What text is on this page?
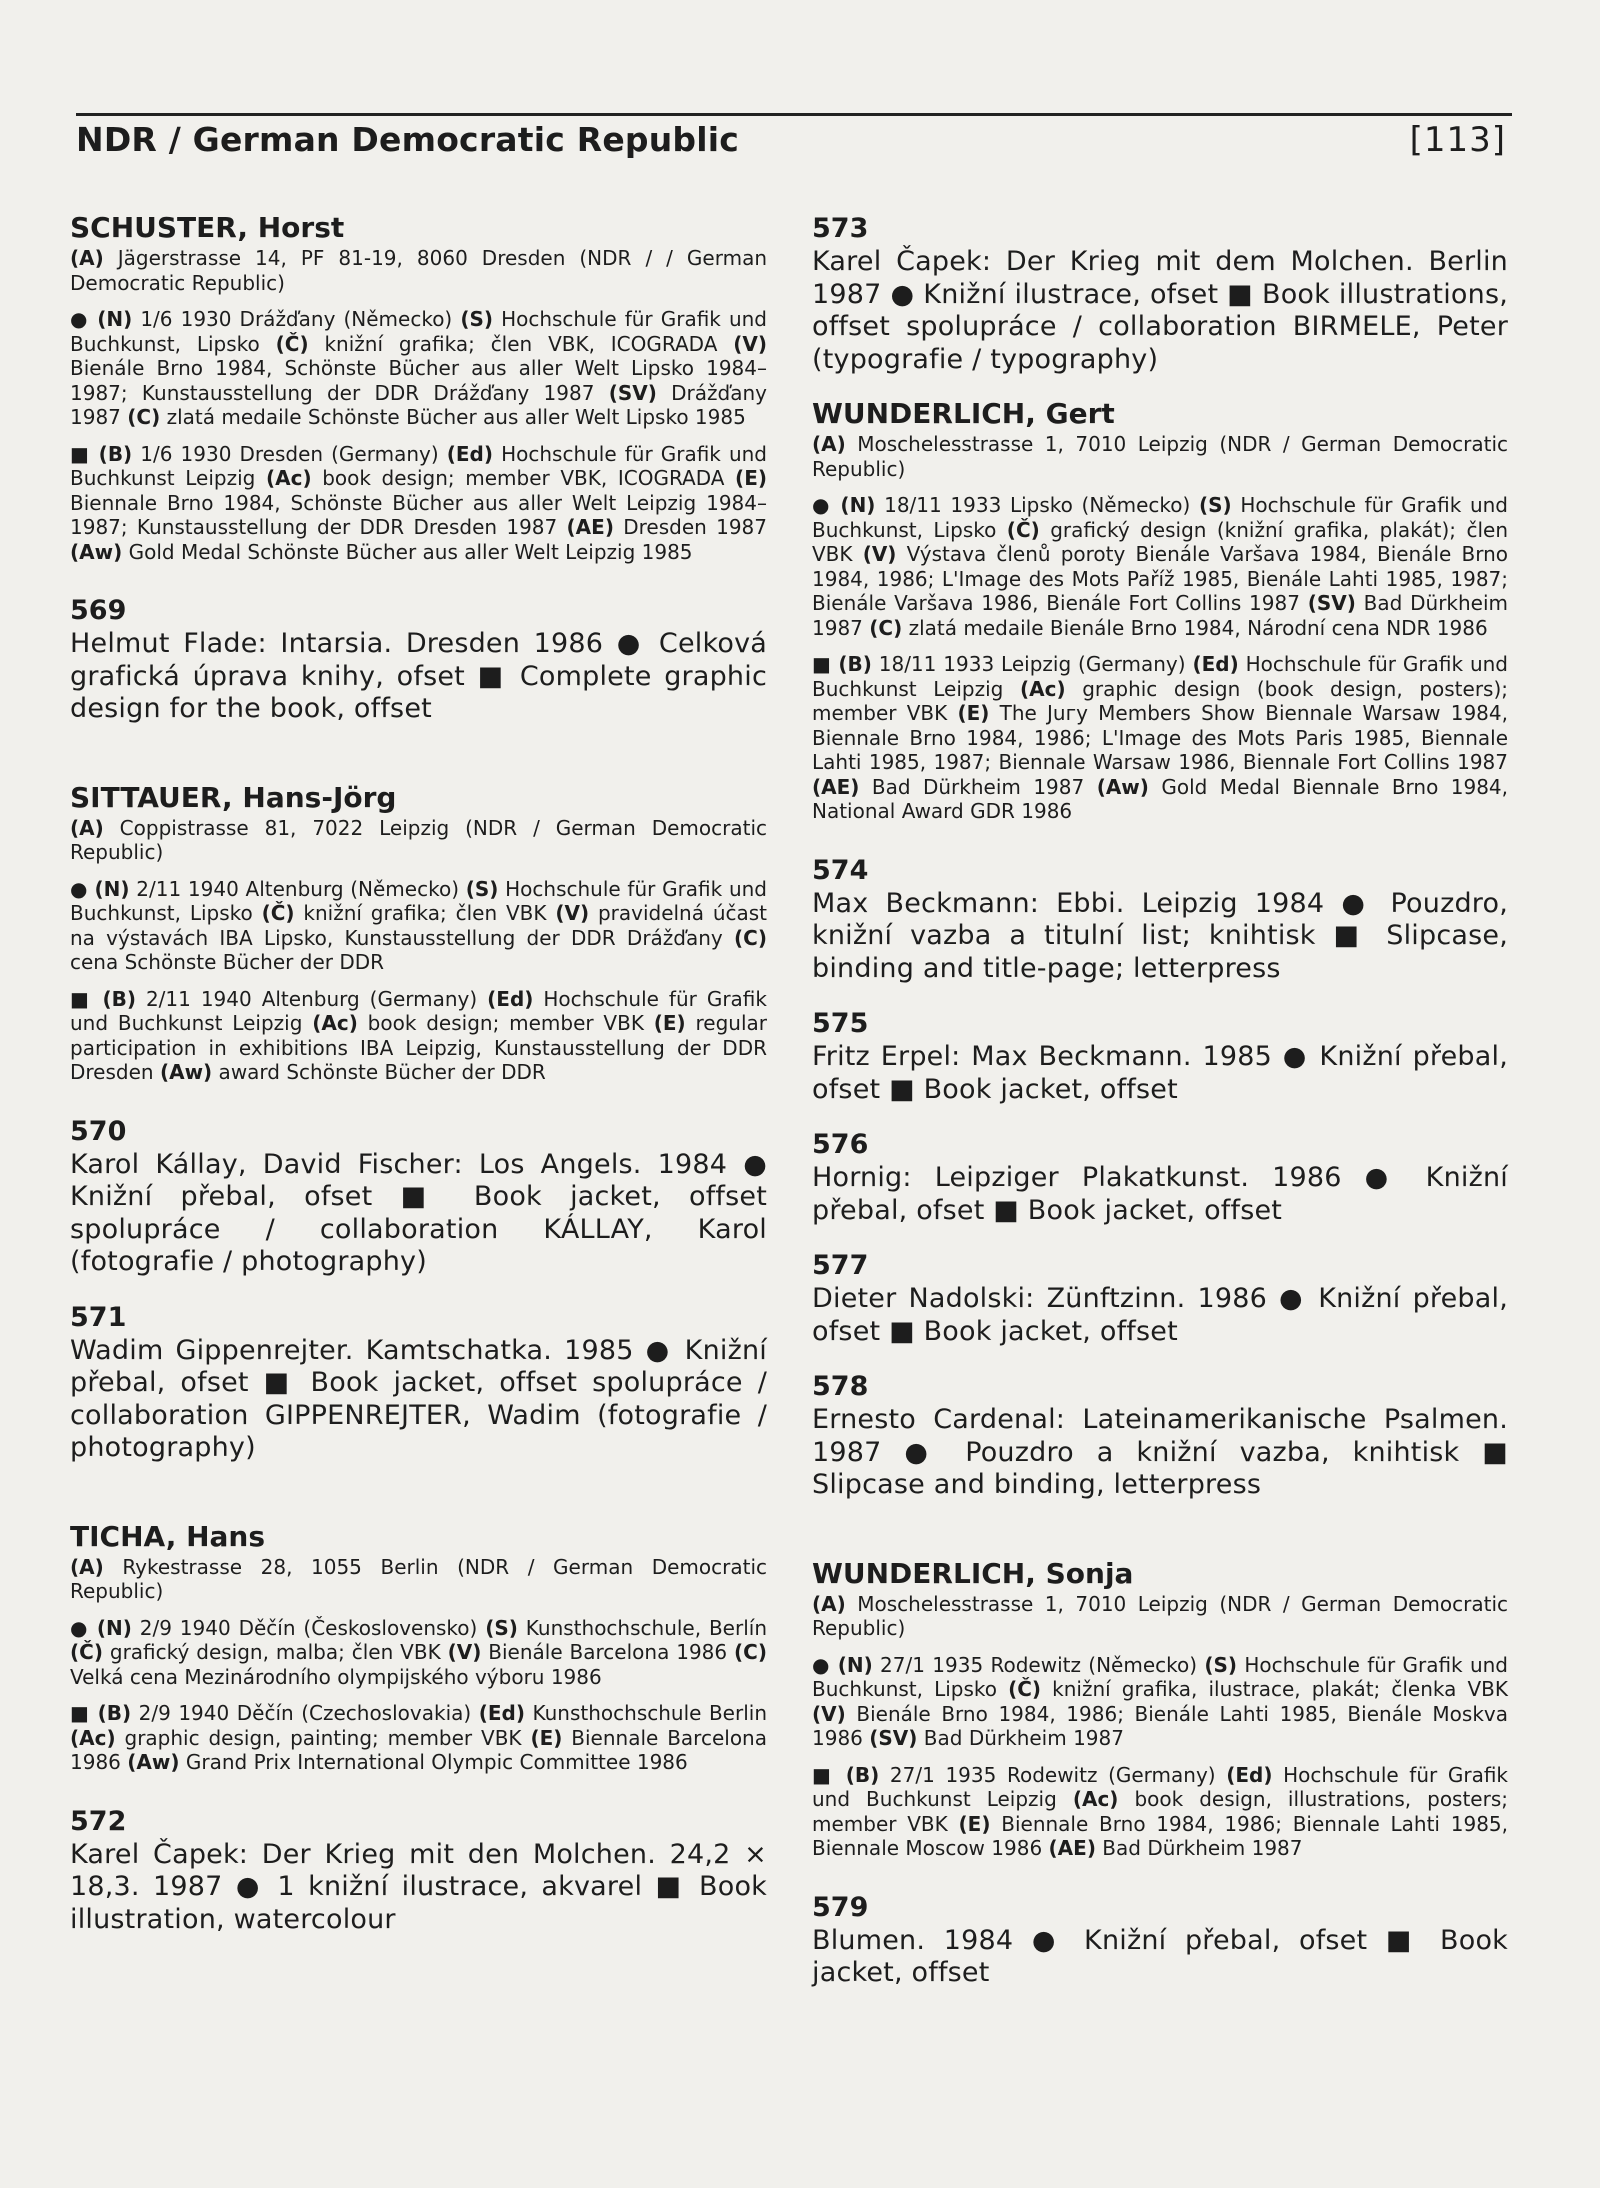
NDR / German Democratic Republic	[113]
SCHUSTER, Horst

(A) Jägerstrasse 14, PF 81-19, 8060 Dresden (NDR / / German Democratic Republic)

● (N) 1/6 1930 Drážďany (Německo) (S) Hochschule für Grafik und Buchkunst, Lipsko (Č) knižní grafika; člen VBK, ICOGRADA (V) Bienále Brno 1984, Schönste Bücher aus aller Welt Lipsko 1984–1987; Kunstausstellung der DDR Drážďany 1987 (SV) Drážďany 1987 (C) zlatá medaile Schönste Bücher aus aller Welt Lipsko 1985

■ (B) 1/6 1930 Dresden (Germany) (Ed) Hochschule für Grafik und Buchkunst Leipzig (Ac) book design; member VBK, ICOGRADA (E) Biennale Brno 1984, Schönste Bücher aus aller Welt Leipzig 1984–1987; Kunstausstellung der DDR Dresden 1987 (AE) Dresden 1987 (Aw) Gold Medal Schönste Bücher aus aller Welt Leipzig 1985

569

Helmut Flade: Intarsia. Dresden 1986 ● Celková grafická úprava knihy, ofset ■ Complete graphic design for the book, offset

SITTAUER, Hans-Jörg

(A) Coppistrasse 81, 7022 Leipzig (NDR / German Democratic Republic)

● (N) 2/11 1940 Altenburg (Německo) (S) Hochschule für Grafik und Buchkunst, Lipsko (Č) knižní grafika; člen VBK (V) pravidelná účast na výstavách IBA Lipsko, Kunstausstellung der DDR Drážďany (C) cena Schönste Bücher der DDR

■ (B) 2/11 1940 Altenburg (Germany) (Ed) Hochschule für Grafik und Buchkunst Leipzig (Ac) book design; member VBK (E) regular participation in exhibitions IBA Leipzig, Kunstausstellung der DDR Dresden (Aw) award Schönste Bücher der DDR

570

Karol Kállay, David Fischer: Los Angels. 1984 ● Knižní přebal, ofset ■ Book jacket, offset spolupráce / collaboration KÁLLAY, Karol (fotografie / photography)

571

Wadim Gippenrejter. Kamtschatka. 1985 ● Knižní přebal, ofset ■ Book jacket, offset spolupráce / collaboration GIPPENREJTER, Wadim (fotografie / photography)

TICHA, Hans

(A) Rykestrasse 28, 1055 Berlin (NDR / German Democratic Republic)

● (N) 2/9 1940 Děčín (Československo) (S) Kunsthochschule, Berlín (Č) grafický design, malba; člen VBK (V) Bienále Barcelona 1986 (C) Velká cena Mezinárodního olympijského výboru 1986

■ (B) 2/9 1940 Děčín (Czechoslovakia) (Ed) Kunsthochschule Berlin (Ac) graphic design, painting; member VBK (E) Biennale Barcelona 1986 (Aw) Grand Prix International Olympic Committee 1986

572

Karel Čapek: Der Krieg mit den Molchen. 24,2 × 18,3. 1987 ● 1 knižní ilustrace, akvarel ■ Book illustration, watercolour

573

Karel Čapek: Der Krieg mit dem Molchen. Berlin 1987 ● Knižní ilustrace, ofset ■ Book illustrations, offset spolupráce / collaboration BIRMELE, Peter (typografie / typography)

WUNDERLICH, Gert

(A) Moschelesstrasse 1, 7010 Leipzig (NDR / German Democratic Republic)

● (N) 18/11 1933 Lipsko (Německo) (S) Hochschule für Grafik und Buchkunst, Lipsko (Č) grafický design (knižní grafika, plakát); člen VBK (V) Výstava členů poroty Bienále Varšava 1984, Bienále Brno 1984, 1986; L'Image des Mots Paříž 1985, Bienále Lahti 1985, 1987; Bienále Varšava 1986, Bienále Fort Collins 1987 (SV) Bad Dürkheim 1987 (C) zlatá medaile Bienále Brno 1984, Národní cena NDR 1986

■ (B) 18/11 1933 Leipzig (Germany) (Ed) Hochschule für Grafik und Buchkunst Leipzig (Ac) graphic design (book design, posters); member VBK (E) The Juгy Members Show Biennale Warsaw 1984, Biennale Brno 1984, 1986; L'Image des Mots Paris 1985, Biennale Lahti 1985, 1987; Biennale Warsaw 1986, Biennale Fort Collins 1987 (AE) Bad Dürkheim 1987 (Aw) Gold Medal Biennale Brno 1984, National Award GDR 1986

574

Max Beckmann: Ebbi. Leipzig 1984 ● Pouzdro, knižní vazba a titulní list; knihtisk ■ Slipcase, binding and title-page; letterpress

575

Fritz Erpel: Max Beckmann. 1985 ● Knižní přebal, ofset ■ Book jacket, offset

576

Hornig: Leipziger Plakatkunst. 1986 ● Knižní přebal, ofset ■ Book jacket, offset

577

Dieter Nadolski: Zünftzinn. 1986 ● Knižní přebal, ofset ■ Book jacket, offset

578

Ernesto Cardenal: Lateinamerikanische Psalmen. 1987 ● Pouzdro a knižní vazba, knihtisk ■ Slipcase and binding, letterpress

WUNDERLICH, Sonja

(A) Moschelesstrasse 1, 7010 Leipzig (NDR / German Democratic Republic)

● (N) 27/1 1935 Rodewitz (Německo) (S) Hochschule für Grafik und Buchkunst, Lipsko (Č) knižní grafika, ilustrace, plakát; členka VBK (V) Bienále Brno 1984, 1986; Bienále Lahti 1985, Bienále Moskva 1986 (SV) Bad Dürkheim 1987

■ (B) 27/1 1935 Rodewitz (Germany) (Ed) Hochschule für Grafik und Buchkunst Leipzig (Ac) book design, illustrations, posters; member VBK (E) Biennale Brno 1984, 1986; Biennale Lahti 1985, Biennale Moscow 1986 (AE) Bad Dürkheim 1987

579

Blumen. 1984 ● Knižní přebal, ofset ■ Book jacket, offset
